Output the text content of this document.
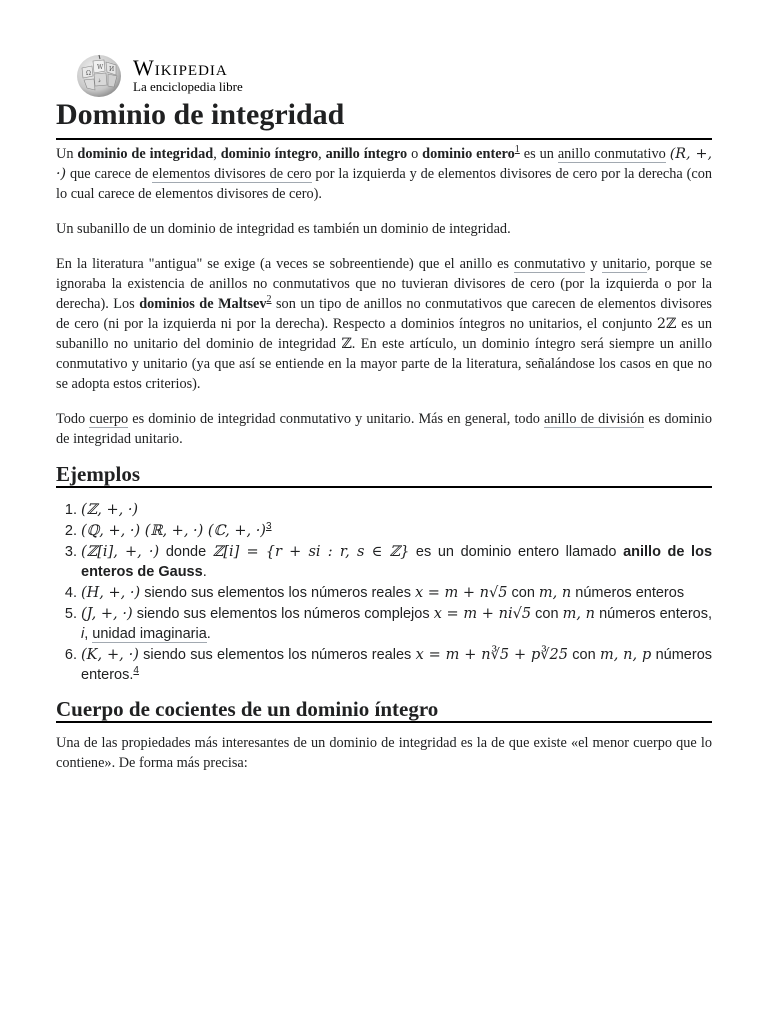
Ω
W
ذ
И Wikipedia
La enciclopedia libre
Dominio de integridad

Un dominio de integridad, dominio íntegro, anillo íntegro o dominio entero$^1$ es un anillo conmutativo (R, +, ·) que carece de elementos divisores de cero por la izquierda y de elementos divisores de cero por la derecha (con lo cual carece de elementos divisores de cero).

Un subanillo de un dominio de integridad es también un dominio de integridad.

En la literatura "antigua" se exige (a veces se sobreentiende) que el anillo es conmutativo y unitario, porque se ignoraba la existencia de anillos no conmutativos que no tuvieran divisores de cero (por la izquierda o por la derecha). Los dominios de Maltsev$^2$ son un tipo de anillos no conmutativos que carecen de elementos divisores de cero (ni por la izquierda ni por la derecha). Respecto a dominios íntegros no unitarios, el conjunto 2ℤ es un subanillo no unitario del dominio de integridad ℤ. En este artículo, un dominio íntegro será siempre un anillo conmutativo y unitario (ya que así se entiende en la mayor parte de la literatura, señalándose los casos en que no se adopta estos criterios).

Todo cuerpo es dominio de integridad conmutativo y unitario. Más en general, todo anillo de división es dominio de integridad unitario.

Ejemplos
1. (ℤ, +, ·)
2. (ℚ, +, ·) (ℝ, +, ·) (ℂ, +, ·)$^3$
3. (ℤ[i], +, ·) donde ℤ[i] = {r + si : r, s ∈ ℤ} es un dominio entero llamado anillo de los enteros de Gauss.
4. (H, +, ·) siendo sus elementos los números reales x = m + n√5 con m, n números enteros
5. (J, +, ·) siendo sus elementos los números complejos x = m + ni√5 con m, n números enteros, i, unidad imaginaria.
6. (K, +, ·) siendo sus elementos los números reales x = m + n∛5 + p∛25 con m, n, p números enteros.$^4$
Cuerpo de cocientes de un dominio íntegro

Una de las propiedades más interesantes de un dominio de integridad es la de que existe «el menor cuerpo que lo contiene». De forma más precisa:
